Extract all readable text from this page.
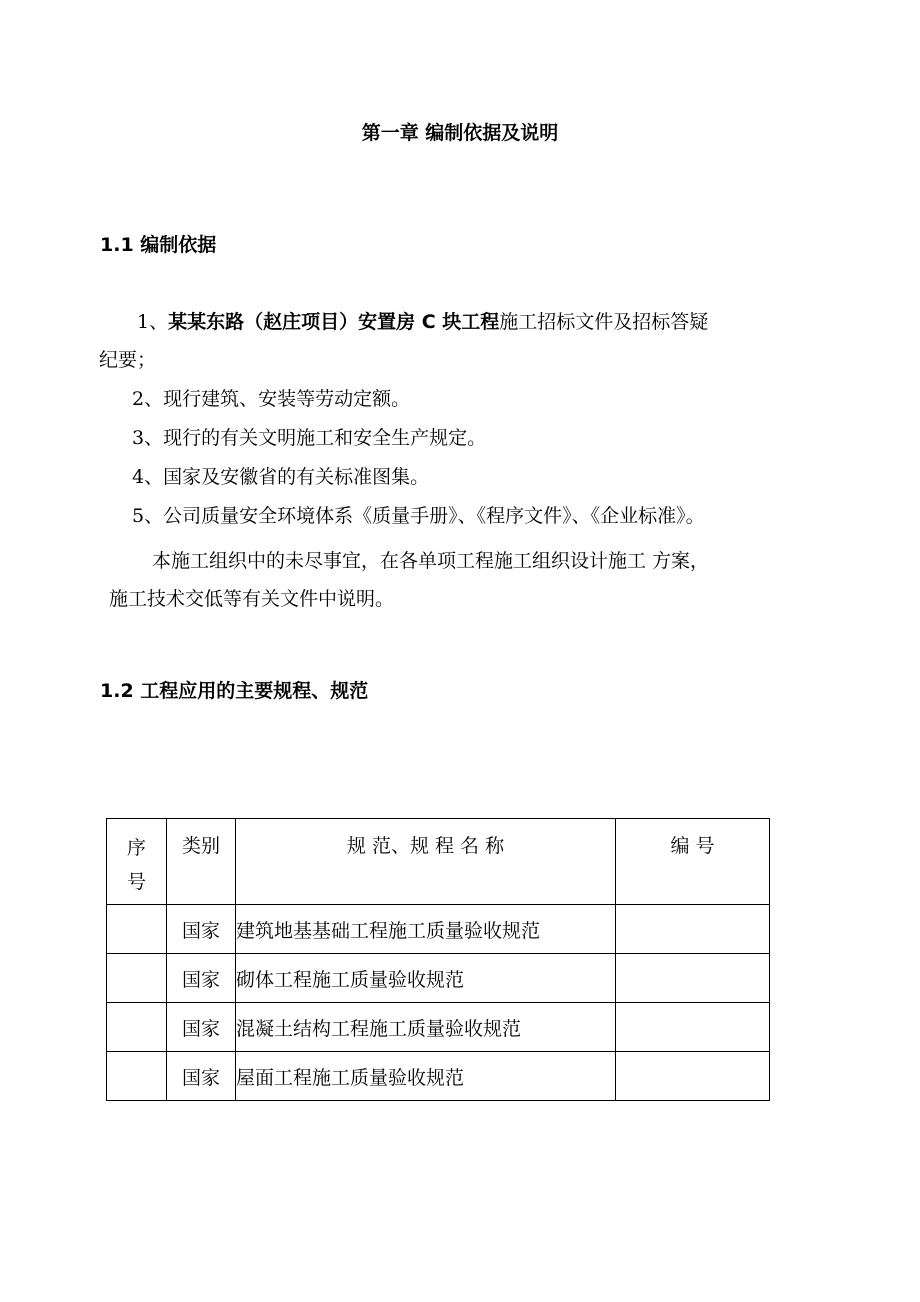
第一章 编制依据及说明
1.1 编制依据
1、某某东路（赵庄项目）安置房 C 块工程施工招标文件及招标答疑
纪要；
2、现行建筑、安装等劳动定额。
3、现行的有关文明施工和安全生产规定。
4、国家及安徽省的有关标准图集。
5、公司质量安全环境体系《质量手册》、《程序文件》、《企业标准》。
本施工组织中的未尽事宜，在各单项工程施工组织设计施工 方案，
施工技术交低等有关文件中说明。
1.2 工程应用的主要规程、规范
序
号	类别	规 范、规 程 名 称	编 号
	国家	建筑地基基础工程施工质量验收规范	
	国家	砌体工程施工质量验收规范	
	国家	混凝土结构工程施工质量验收规范	
	国家	屋面工程施工质量验收规范	
